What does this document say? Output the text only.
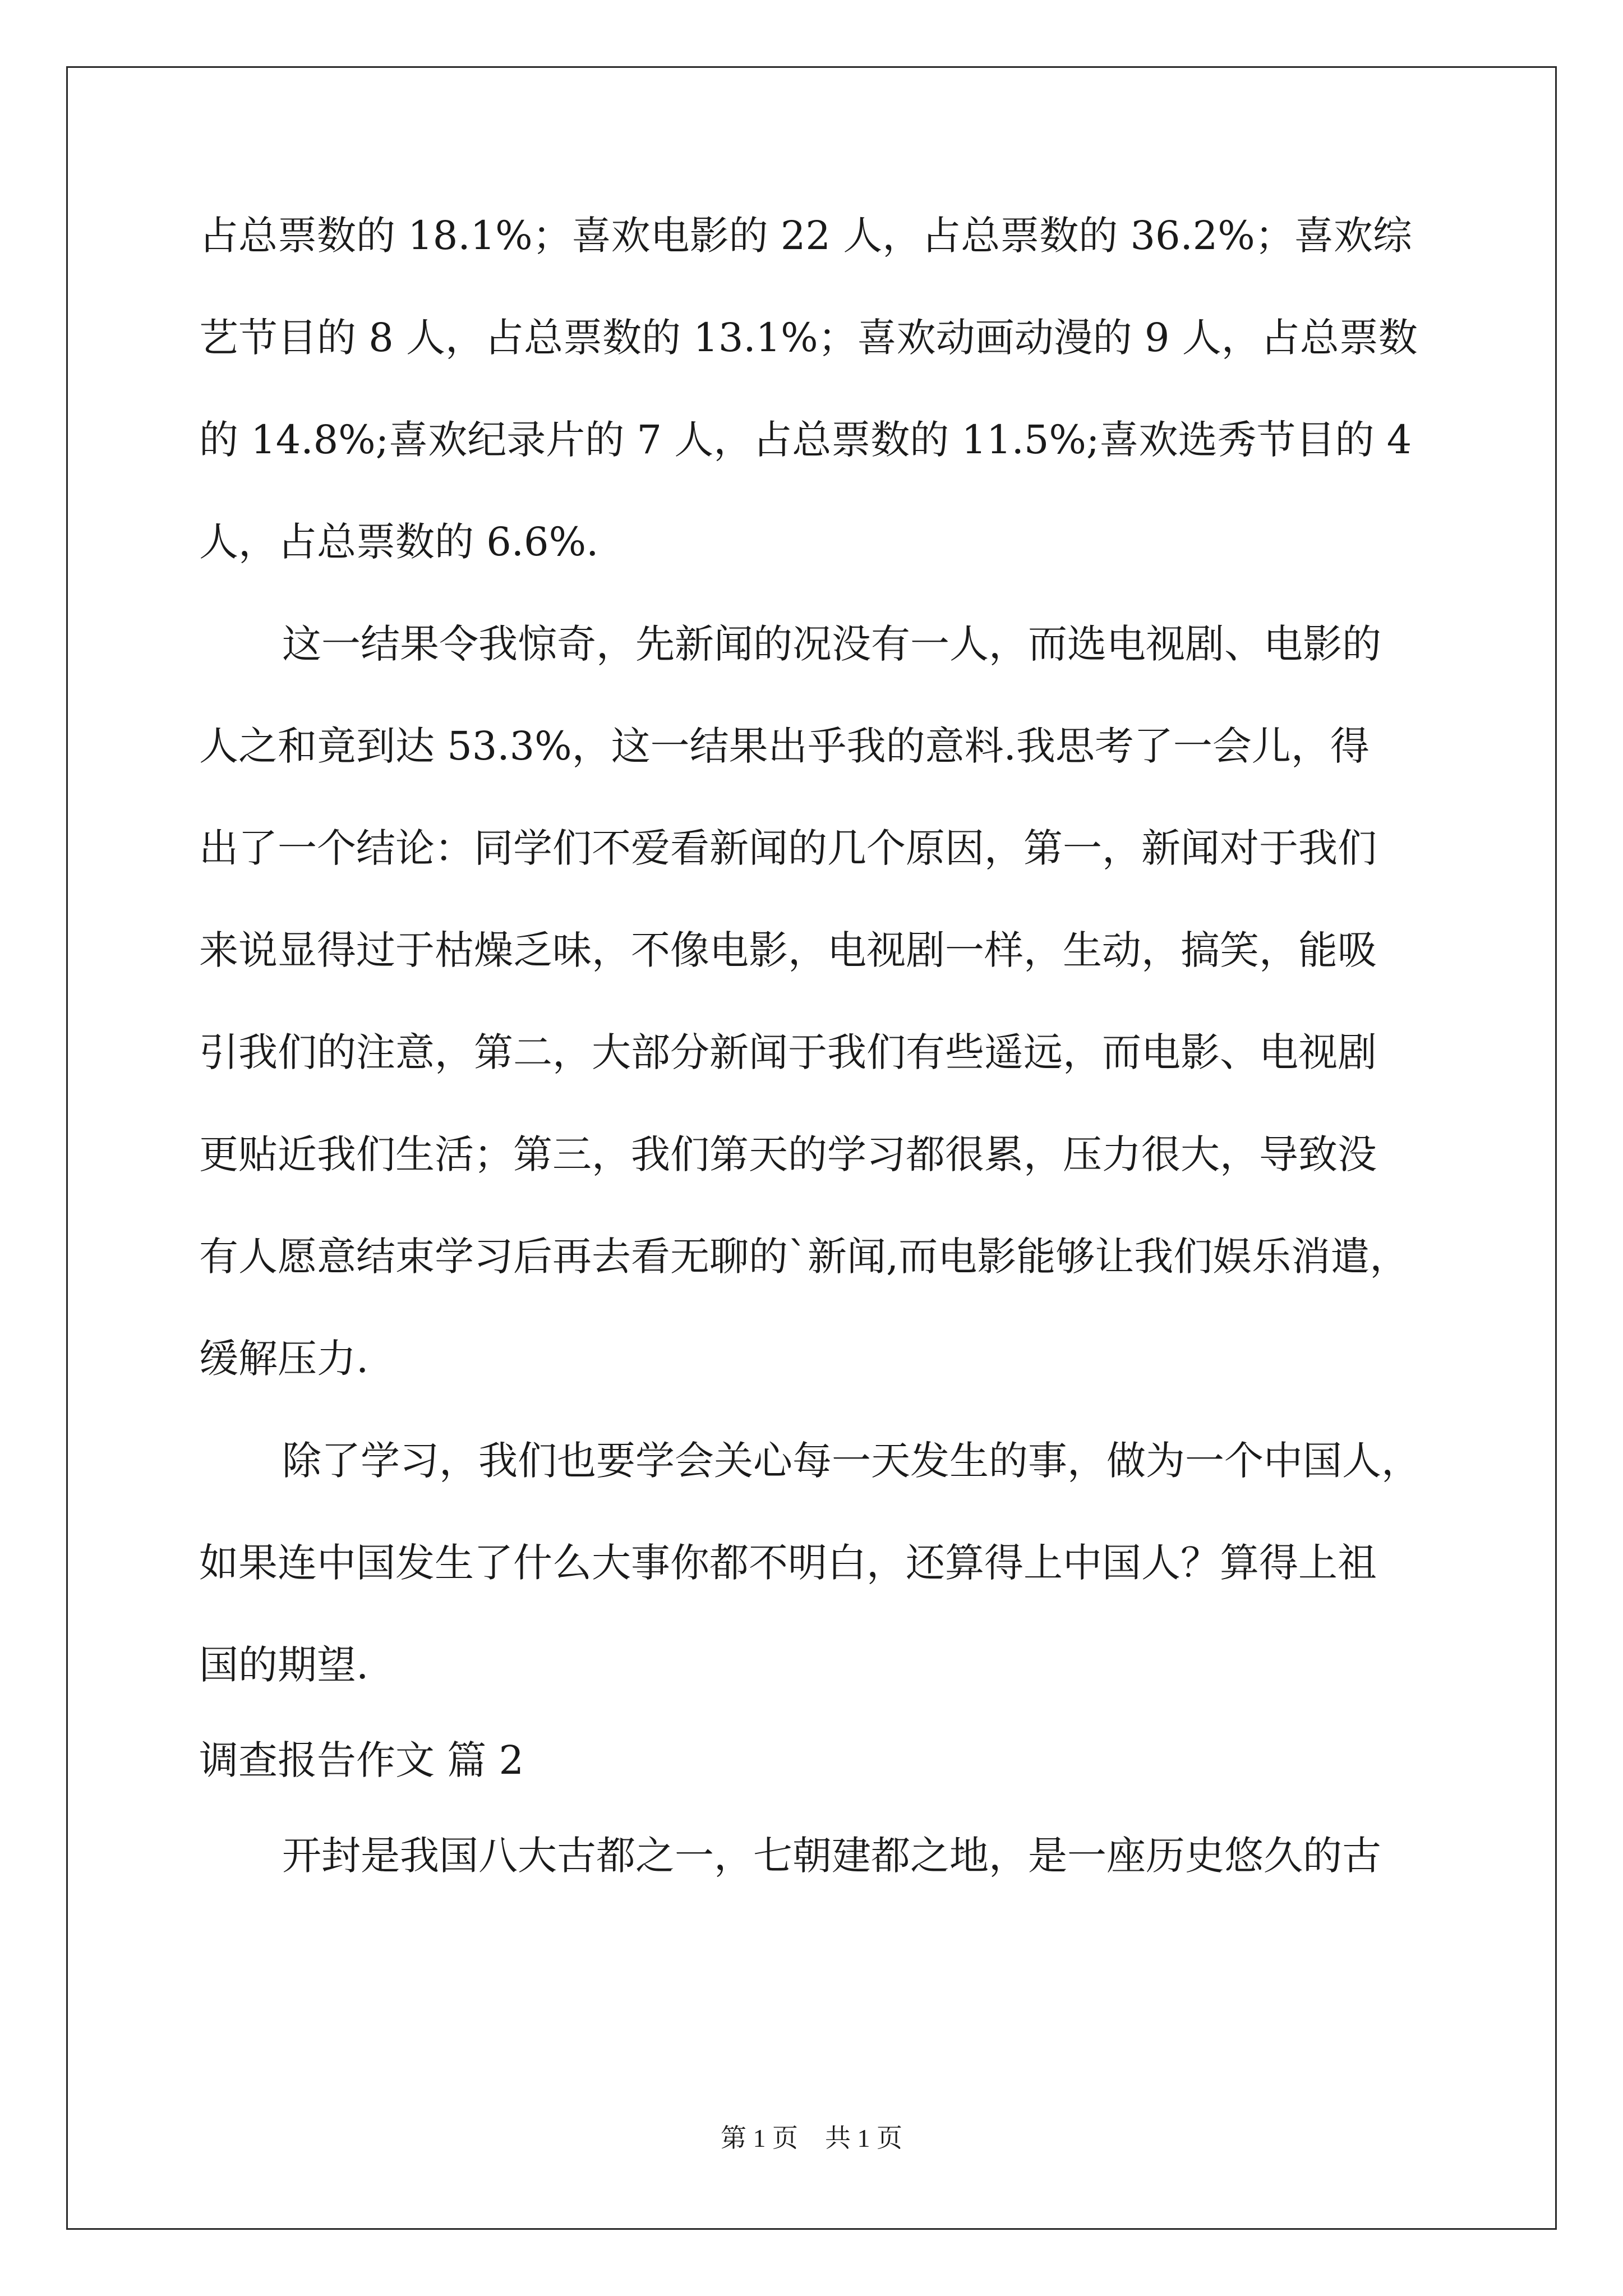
占总票数的 18.1%；喜欢电影的 22 人，占总票数的 36.2%；喜欢综
艺节目的 8 人，占总票数的 13.1%；喜欢动画动漫的 9 人，占总票数
的 14.8%;喜欢纪录片的 7 人，占总票数的 11.5%;喜欢选秀节目的 4
人，占总票数的 6.6%.
这一结果令我惊奇，先新闻的况没有一人，而选电视剧、电影的
人之和竟到达 53.3%，这一结果出乎我的意料.我思考了一会儿，得
出了一个结论：同学们不爱看新闻的几个原因，第一，新闻对于我们
来说显得过于枯燥乏味，不像电影，电视剧一样，生动，搞笑，能吸
引我们的注意，第二，大部分新闻于我们有些遥远，而电影、电视剧
更贴近我们生活；第三，我们第天的学习都很累，压力很大，导致没
有人愿意结束学习后再去看无聊的`新闻,而电影能够让我们娱乐消遣，
缓解压力.
除了学习，我们也要学会关心每一天发生的事，做为一个中国人，
如果连中国发生了什么大事你都不明白，还算得上中国人？算得上祖
国的期望.
调查报告作文 篇 2
开封是我国八大古都之一，七朝建都之地，是一座历史悠久的古
第 1 页 共 1 页
